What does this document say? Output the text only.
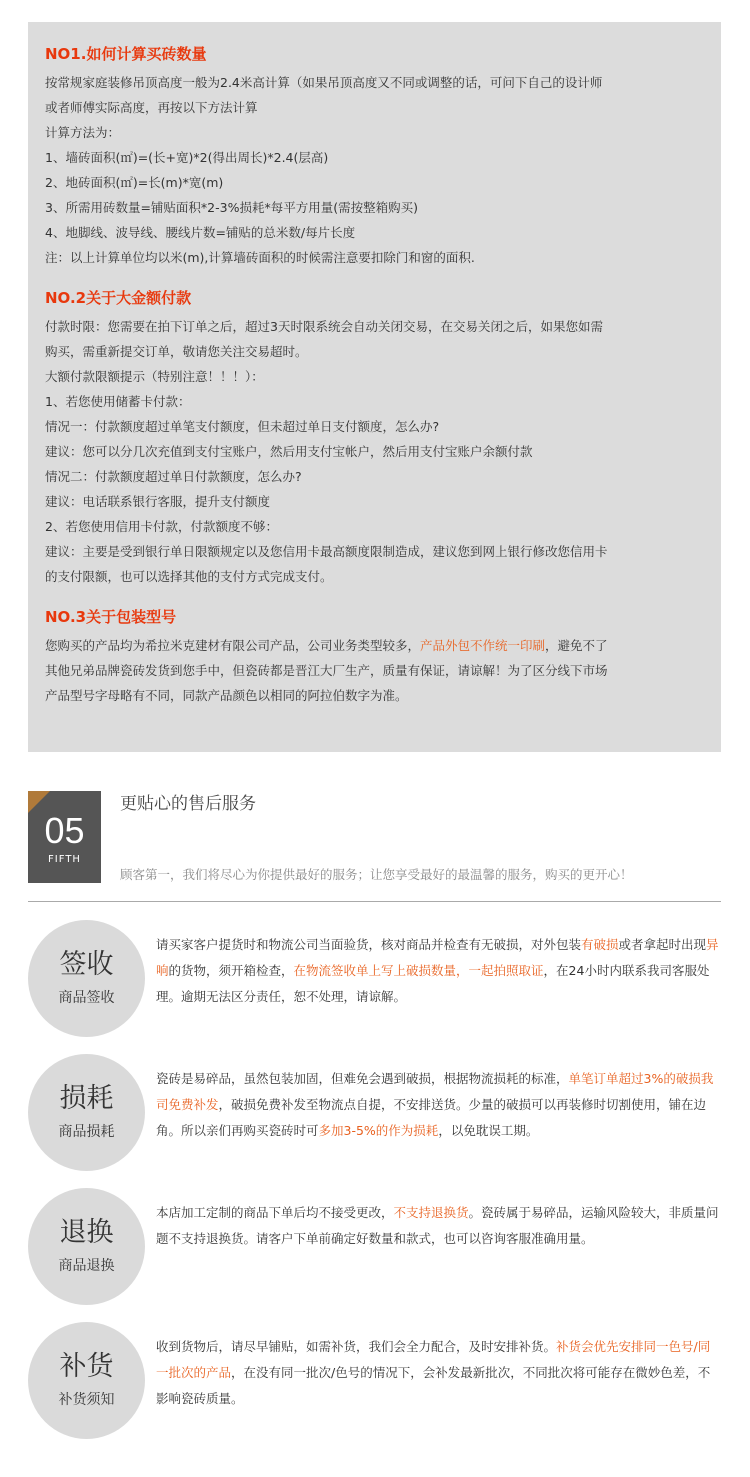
NO1.如何计算买砖数量
按常规家庭装修吊顶高度一般为2.4米高计算（如果吊顶高度又不同或调整的话，可问下自己的设计师
或者师傅实际高度，再按以下方法计算
计算方法为：
1、墙砖面积(㎡)=(长+宽)*2(得出周长)*2.4(层高)
2、地砖面积(㎡)=长(m)*宽(m)
3、所需用砖数量=铺贴面积*2-3%损耗*每平方用量(需按整箱购买)
4、地脚线、波导线、腰线片数=铺贴的总米数/每片长度
注：以上计算单位均以米(m),计算墙砖面积的时候需注意要扣除门和窗的面积.
NO.2关于大金额付款
付款时限：您需要在拍下订单之后，超过3天时限系统会自动关闭交易，在交易关闭之后，如果您如需
购买，需重新提交订单，敬请您关注交易超时。
大额付款限额提示（特别注意！！！）：
1、若您使用储蓄卡付款：
情况一：付款额度超过单笔支付额度，但未超过单日支付额度，怎么办?
建议：您可以分几次充值到支付宝账户，然后用支付宝帐户，然后用支付宝账户余额付款
情况二：付款额度超过单日付款额度，怎么办?
建议：电话联系银行客服，提升支付额度
2、若您使用信用卡付款，付款额度不够：
建议：主要是受到银行单日限额规定以及您信用卡最高额度限制造成，建议您到网上银行修改您信用卡
的支付限额，也可以选择其他的支付方式完成支付。
NO.3关于包装型号
您购买的产品均为希拉米克建材有限公司产品，公司业务类型较多，产品外包不作统一印刷，避免不了
其他兄弟品牌瓷砖发货到您手中，但瓷砖都是晋江大厂生产，质量有保证，请谅解！为了区分线下市场
产品型号字母略有不同，同款产品颜色以相同的阿拉伯数字为准。
05
FIFTH
更贴心的售后服务
顾客第一，我们将尽心为你提供最好的服务；让您享受最好的最温馨的服务，购买的更开心！
签收
商品签收
请买家客户提货时和物流公司当面验货，核对商品并检查有无破损，对外包装有破损或者拿起时出现异响的货物，须开箱检查，在物流签收单上写上破损数量，一起拍照取证，在24小时内联系我司客服处理。逾期无法区分责任，恕不处理，请谅解。
损耗
商品损耗
瓷砖是易碎品，虽然包装加固，但难免会遇到破损，根据物流损耗的标准，单笔订单超过3%的破损我司免费补发，破损免费补发至物流点自提，不安排送货。少量的破损可以再装修时切割使用，铺在边角。所以亲们再购买瓷砖时可多加3-5%的作为损耗，以免耽误工期。
退换
商品退换
本店加工定制的商品下单后均不接受更改，不支持退换货。瓷砖属于易碎品，运输风险较大，非质量问题不支持退换货。请客户下单前确定好数量和款式，也可以咨询客服准确用量。
补货
补货须知
收到货物后，请尽早铺贴，如需补货，我们会全力配合，及时安排补货。补货会优先安排同一色号/同一批次的产品，在没有同一批次/色号的情况下，会补发最新批次，不同批次将可能存在微妙色差，不影响瓷砖质量。
